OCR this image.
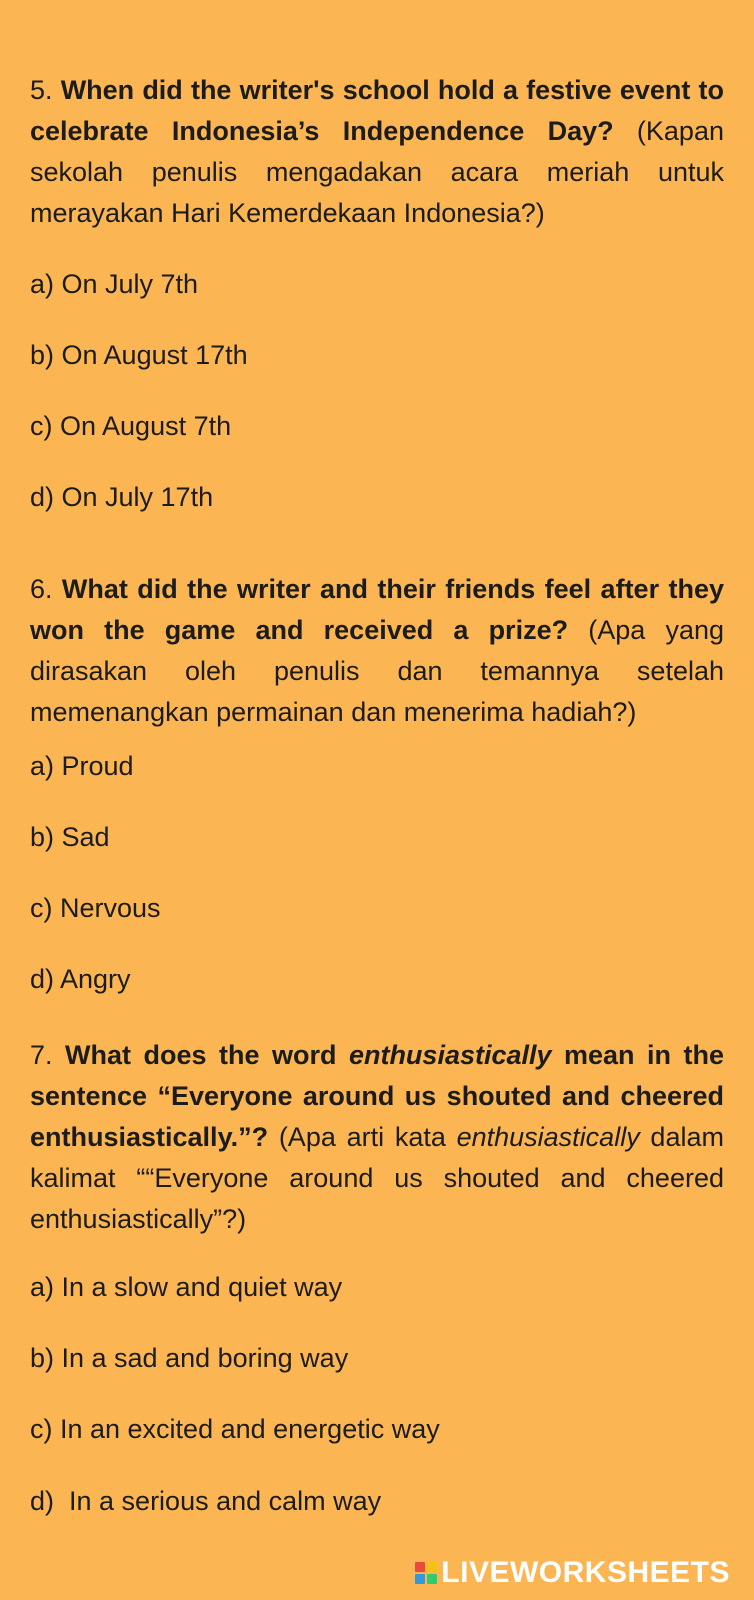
5. When did the writer's school hold a festive event to celebrate Indonesia’s Independence Day? (Kapan sekolah penulis mengadakan acara meriah untuk merayakan Hari Kemerdekaan Indonesia?)
a) On July 7th
b) On August 17th
c) On August 7th
d) On July 17th
6. What did the writer and their friends feel after they won the game and received a prize? (Apa yang dirasakan oleh penulis dan temannya setelah memenangkan permainan dan menerima hadiah?)
a) Proud
b) Sad
c) Nervous
d) Angry
7. What does the word enthusiastically mean in the sentence “Everyone around us shouted and cheered enthusiastically.”? (Apa arti kata enthusiastically dalam kalimat ““Everyone around us shouted and cheered enthusiastically”?)
a) In a slow and quiet way
b) In a sad and boring way
c) In an excited and energetic way
d)  In a serious and calm way
LIVEWORKSHEETS
